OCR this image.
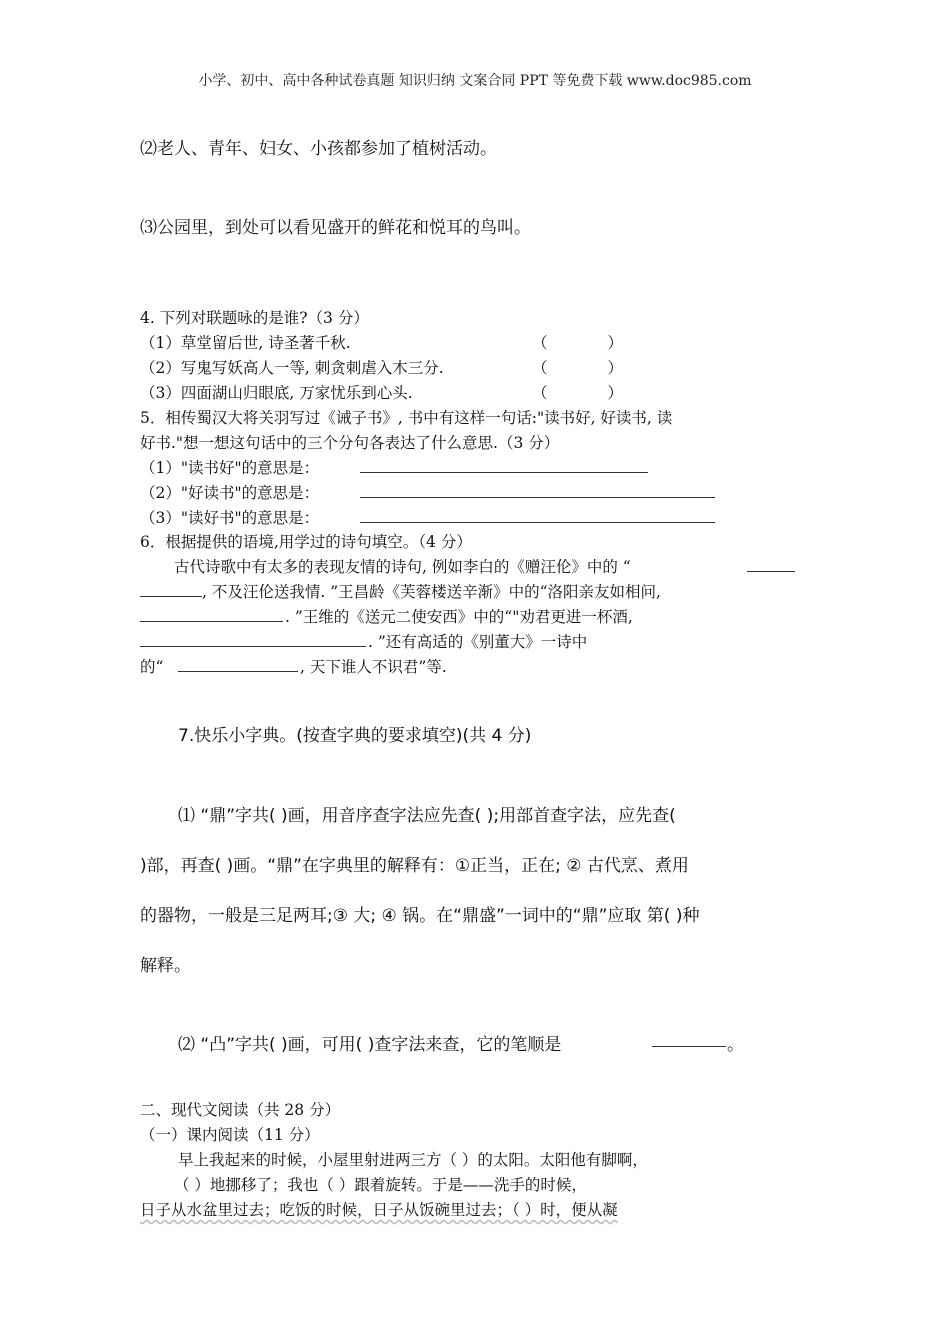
小学、初中、高中各种试卷真题 知识归纳 文案合同 PPT 等免费下载 www.doc985.com
⑵老人、青年、妇女、小孩都参加了植树活动。
⑶公园里，到处可以看见盛开的鲜花和悦耳的鸟叫。
4. 下列对联题咏的是谁?（3 分）
（1）草堂留后世, 诗圣著千秋.	（	）
（2）写鬼写妖高人一等, 刺贪刺虐入木三分.	（	）
（3）四面湖山归眼底, 万家忧乐到心头.	（	）
5．相传蜀汉大将关羽写过《诫子书》, 书中有这样一句话:"读书好, 好读书, 读
好书."想一想这句话中的三个分句各表达了什么意思.（3 分）
（1）"读书好"的意思是：
（2）"好读书"的意思是：
（3）"读好书"的意思是：
6．根据提供的语境,用学过的诗句填空。（4 分）
古代诗歌中有太多的表现友情的诗句, 例如李白的《赠汪伦》中的 “
, 不及汪伦送我情. ”王昌龄《芙蓉楼送辛渐》中的“洛阳亲友如相问,
. ”王维的《送元二使安西》中的“"劝君更进一杯酒,
. ”还有高适的《别董大》一诗中
的“	, 天下谁人不识君”等.
7.快乐小字典。(按查字典的要求填空)(共 4 分)
⑴ “鼎”字共( )画，用音序查字法应先查( );用部首查字法，应先查(
)部，再查( )画。“鼎”在字典里的解释有：①正当，正在; ② 古代烹、煮用
的器物，一般是三足两耳;③ 大; ④ 锅。在“鼎盛”一词中的“鼎”应取 第( )种
解释。
⑵ “凸”字共( )画，可用( )查字法来查，它的笔顺是	。
二、现代文阅读（共 28 分）
（一）课内阅读（11 分）
早上我起来的时候，小屋里射进两三方（ ）的太阳。太阳他有脚啊，
（ ）地挪移了；我也（ ）跟着旋转。于是——洗手的时候，
日子从水盆里过去；吃饭的时候，日子从饭碗里过去；（ ）时，便从凝
